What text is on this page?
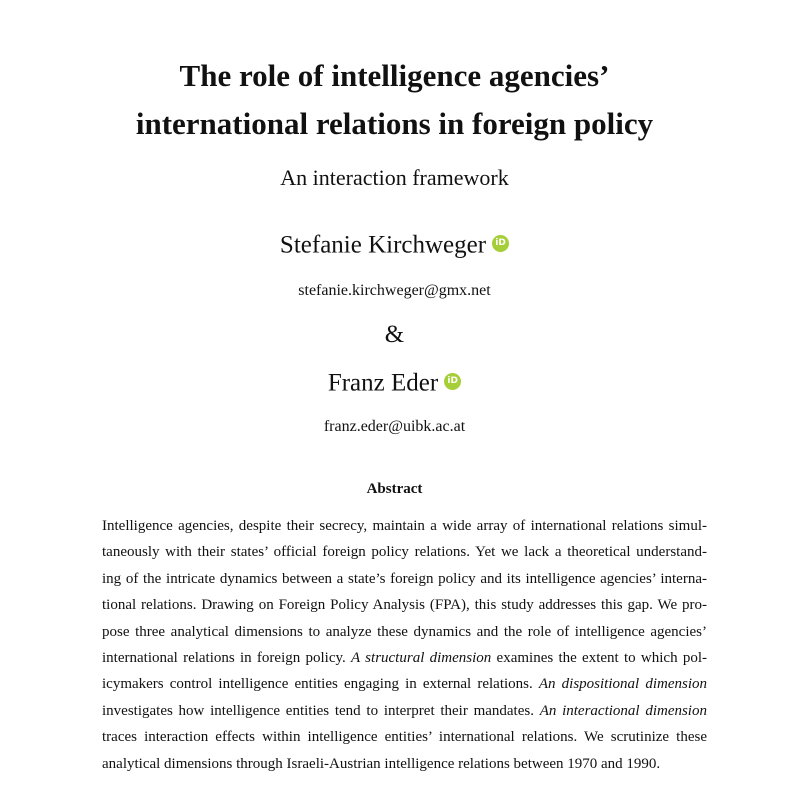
The role of intelligence agencies’
international relations in foreign policy
An interaction framework
Stefanie Kirchweger iD
stefanie.kirchweger@gmx.net
&
Franz Eder iD
franz.eder@uibk.ac.at
Abstract
Intelligence agencies, despite their secrecy, maintain a wide array of international relations simul-
taneously with their states’ official foreign policy relations. Yet we lack a theoretical understand-
ing of the intricate dynamics between a state’s foreign policy and its intelligence agencies’ interna-
tional relations. Drawing on Foreign Policy Analysis (FPA), this study addresses this gap. We pro-
pose three analytical dimensions to analyze these dynamics and the role of intelligence agencies’
international relations in foreign policy. A structural dimension examines the extent to which pol-
icymakers control intelligence entities engaging in external relations. An dispositional dimension
investigates how intelligence entities tend to interpret their mandates. An interactional dimension
traces interaction effects within intelligence entities’ international relations. We scrutinize these
analytical dimensions through Israeli-Austrian intelligence relations between 1970 and 1990.
